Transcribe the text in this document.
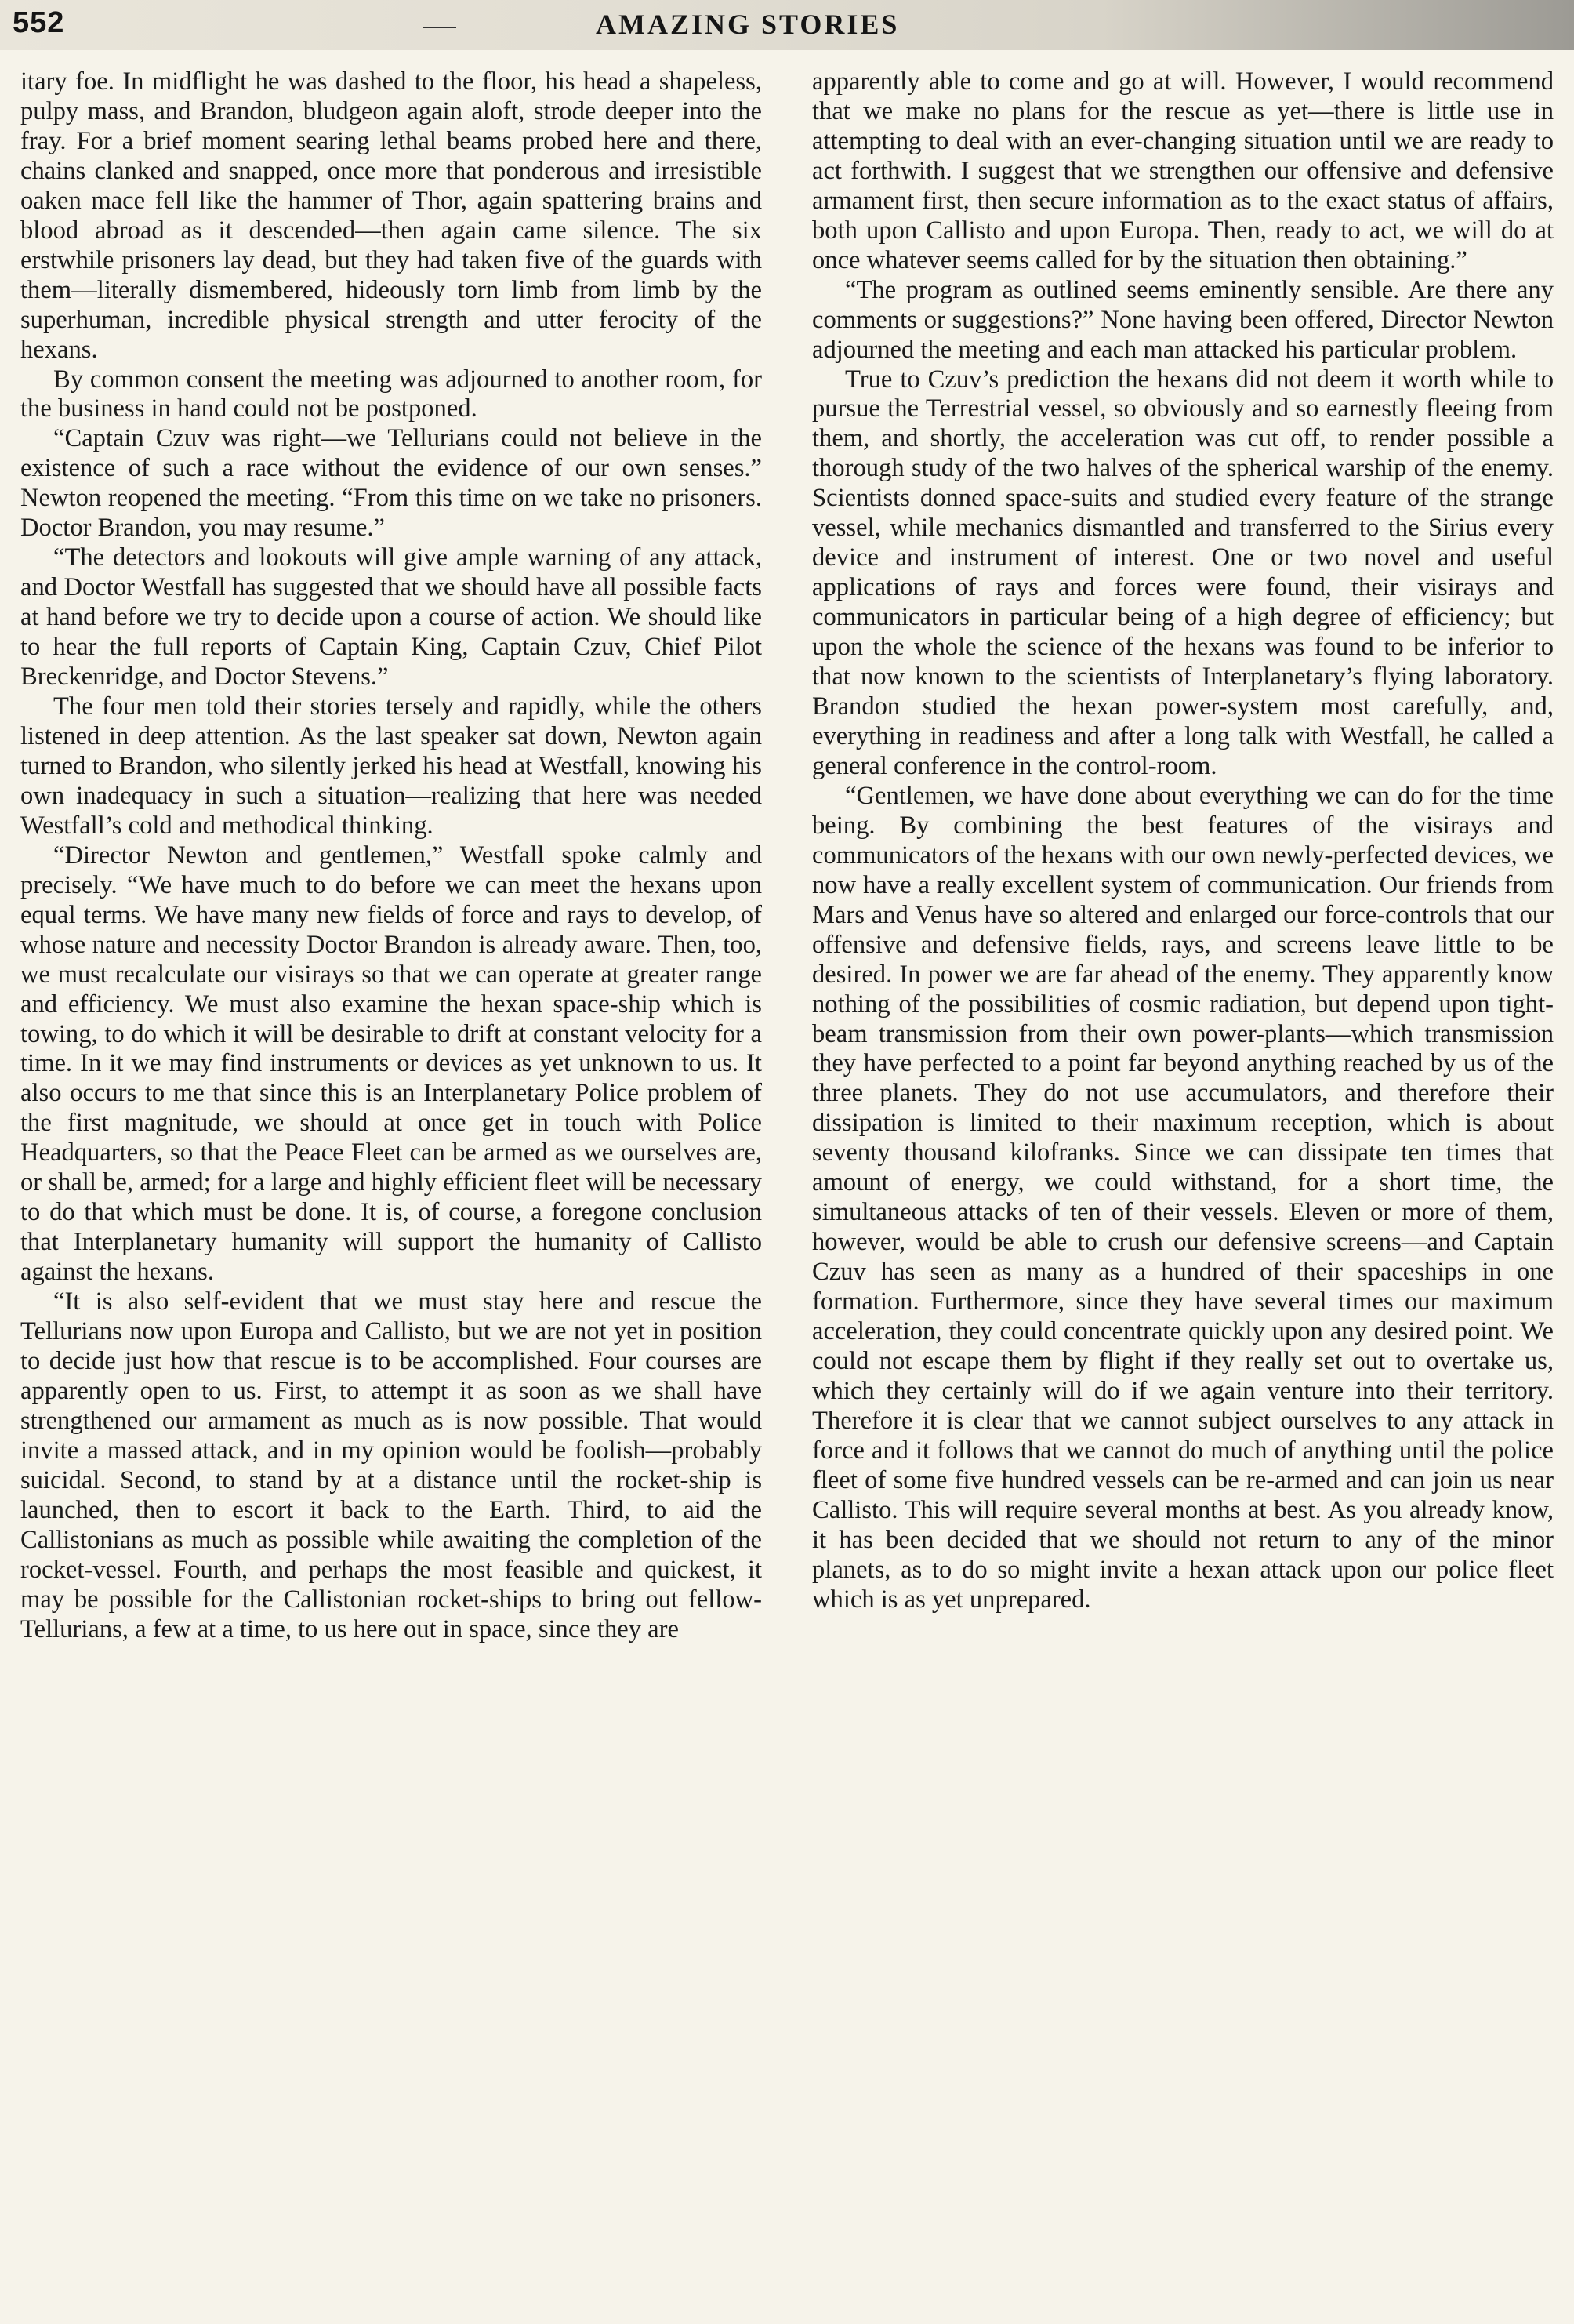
552	AMAZING STORIES

itary foe. In midflight he was dashed to the floor, his head a shapeless, pulpy mass, and Brandon, bludgeon again aloft, strode deeper into the fray. For a brief moment searing lethal beams probed here and there, chains clanked and snapped, once more that ponderous and irresistible oaken mace fell like the hammer of Thor, again spattering brains and blood abroad as it descended—then again came silence. The six erstwhile prisoners lay dead, but they had taken five of the guards with them—literally dismembered, hideously torn limb from limb by the superhuman, incredible physical strength and utter ferocity of the hexans.

By common consent the meeting was adjourned to another room, for the business in hand could not be postponed.

“Captain Czuv was right—we Tellurians could not believe in the existence of such a race without the evidence of our own senses.” Newton reopened the meeting. “From this time on we take no prisoners. Doctor Brandon, you may resume.”

“The detectors and lookouts will give ample warning of any attack, and Doctor Westfall has suggested that we should have all possible facts at hand before we try to decide upon a course of action. We should like to hear the full reports of Captain King, Captain Czuv, Chief Pilot Breckenridge, and Doctor Stevens.”

The four men told their stories tersely and rapidly, while the others listened in deep attention. As the last speaker sat down, Newton again turned to Brandon, who silently jerked his head at Westfall, knowing his own inadequacy in such a situation—realizing that here was needed Westfall’s cold and methodical thinking.

“Director Newton and gentlemen,” Westfall spoke calmly and precisely. “We have much to do before we can meet the hexans upon equal terms. We have many new fields of force and rays to develop, of whose nature and necessity Doctor Brandon is already aware. Then, too, we must recalculate our visirays so that we can operate at greater range and efficiency. We must also examine the hexan space-ship which is towing, to do which it will be desirable to drift at constant velocity for a time. In it we may find instruments or devices as yet unknown to us. It also occurs to me that since this is an Interplanetary Police problem of the first magnitude, we should at once get in touch with Police Headquarters, so that the Peace Fleet can be armed as we ourselves are, or shall be, armed; for a large and highly efficient fleet will be necessary to do that which must be done. It is, of course, a foregone conclusion that Interplanetary humanity will support the humanity of Callisto against the hexans.

“It is also self-evident that we must stay here and rescue the Tellurians now upon Europa and Callisto, but we are not yet in position to decide just how that rescue is to be accomplished. Four courses are apparently open to us. First, to attempt it as soon as we shall have strengthened our armament as much as is now possible. That would invite a massed attack, and in my opinion would be foolish—probably suicidal. Second, to stand by at a distance until the rocket-ship is launched, then to escort it back to the Earth. Third, to aid the Callistonians as much as possible while awaiting the completion of the rocket-vessel. Fourth, and perhaps the most feasible and quickest, it may be possible for the Callistonian rocket-ships to bring out fellow-Tellurians, a few at a time, to us here out in space, since they are

apparently able to come and go at will. However, I would recommend that we make no plans for the rescue as yet—there is little use in attempting to deal with an ever-changing situation until we are ready to act forthwith. I suggest that we strengthen our offensive and defensive armament first, then secure information as to the exact status of affairs, both upon Callisto and upon Europa. Then, ready to act, we will do at once whatever seems called for by the situation then obtaining.”

“The program as outlined seems eminently sensible. Are there any comments or suggestions?” None having been offered, Director Newton adjourned the meeting and each man attacked his particular problem.

True to Czuv’s prediction the hexans did not deem it worth while to pursue the Terrestrial vessel, so obviously and so earnestly fleeing from them, and shortly, the acceleration was cut off, to render possible a thorough study of the two halves of the spherical warship of the enemy. Scientists donned space-suits and studied every feature of the strange vessel, while mechanics dismantled and transferred to the Sirius every device and instrument of interest. One or two novel and useful applications of rays and forces were found, their visirays and communicators in particular being of a high degree of efficiency; but upon the whole the science of the hexans was found to be inferior to that now known to the scientists of Interplanetary’s flying laboratory. Brandon studied the hexan power-system most carefully, and, everything in readiness and after a long talk with Westfall, he called a general conference in the control-room.

“Gentlemen, we have done about everything we can do for the time being. By combining the best features of the visirays and communicators of the hexans with our own newly-perfected devices, we now have a really excellent system of communication. Our friends from Mars and Venus have so altered and enlarged our force-controls that our offensive and defensive fields, rays, and screens leave little to be desired. In power we are far ahead of the enemy. They apparently know nothing of the possibilities of cosmic radiation, but depend upon tight-beam transmission from their own power-plants—which transmission they have perfected to a point far beyond anything reached by us of the three planets. They do not use accumulators, and therefore their dissipation is limited to their maximum reception, which is about seventy thousand kilofranks. Since we can dissipate ten times that amount of energy, we could withstand, for a short time, the simultaneous attacks of ten of their vessels. Eleven or more of them, however, would be able to crush our defensive screens—and Captain Czuv has seen as many as a hundred of their spaceships in one formation. Furthermore, since they have several times our maximum acceleration, they could concentrate quickly upon any desired point. We could not escape them by flight if they really set out to overtake us, which they certainly will do if we again venture into their territory. Therefore it is clear that we cannot subject ourselves to any attack in force and it follows that we cannot do much of anything until the police fleet of some five hundred vessels can be re-armed and can join us near Callisto. This will require several months at best. As you already know, it has been decided that we should not return to any of the minor planets, as to do so might invite a hexan attack upon our police fleet which is as yet unprepared.
